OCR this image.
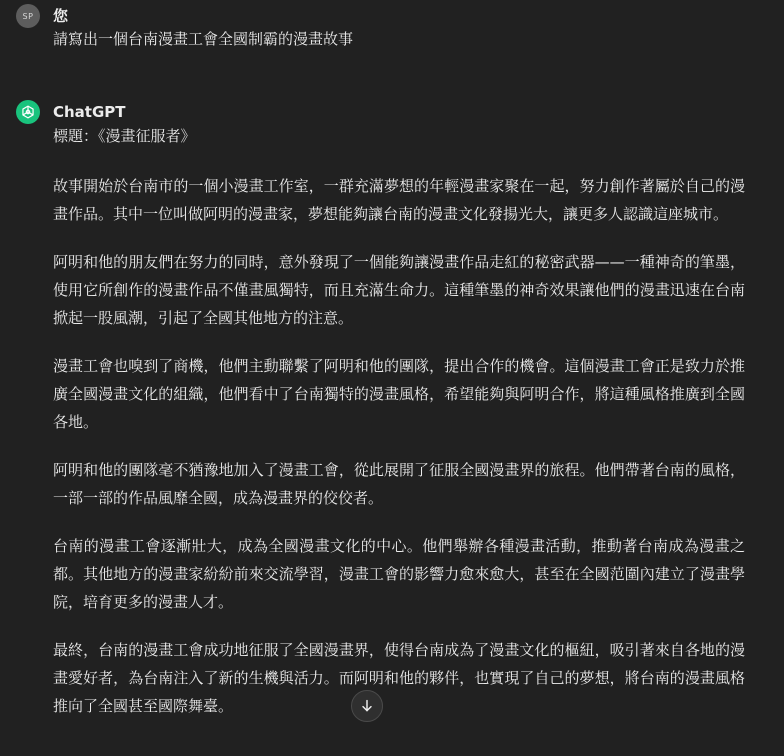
SP 您
請寫出一個台南漫畫工會全國制霸的漫畫故事
ChatGPT

標題：《漫畫征服者》

故事開始於台南市的一個小漫畫工作室，一群充滿夢想的年輕漫畫家聚在一起，努力創作著屬於自己的漫畫作品。其中一位叫做阿明的漫畫家，夢想能夠讓台南的漫畫文化發揚光大，讓更多人認識這座城市。

阿明和他的朋友們在努力的同時，意外發現了一個能夠讓漫畫作品走紅的秘密武器——一種神奇的筆墨，使用它所創作的漫畫作品不僅畫風獨特，而且充滿生命力。這種筆墨的神奇效果讓他們的漫畫迅速在台南掀起一股風潮，引起了全國其他地方的注意。

漫畫工會也嗅到了商機，他們主動聯繫了阿明和他的團隊，提出合作的機會。這個漫畫工會正是致力於推廣全國漫畫文化的組織，他們看中了台南獨特的漫畫風格，希望能夠與阿明合作，將這種風格推廣到全國各地。

阿明和他的團隊毫不猶豫地加入了漫畫工會，從此展開了征服全國漫畫界的旅程。他們帶著台南的風格，一部一部的作品風靡全國，成為漫畫界的佼佼者。

台南的漫畫工會逐漸壯大，成為全國漫畫文化的中心。他們舉辦各種漫畫活動，推動著台南成為漫畫之都。其他地方的漫畫家紛紛前來交流學習，漫畫工會的影響力愈來愈大，甚至在全國范圍內建立了漫畫學院，培育更多的漫畫人才。

最終，台南的漫畫工會成功地征服了全國漫畫界，使得台南成為了漫畫文化的樞紐，吸引著來自各地的漫畫愛好者，為台南注入了新的生機與活力。而阿明和他的夥伴，也實現了自己的夢想，將台南的漫畫風格推向了全國甚至國際舞臺。
